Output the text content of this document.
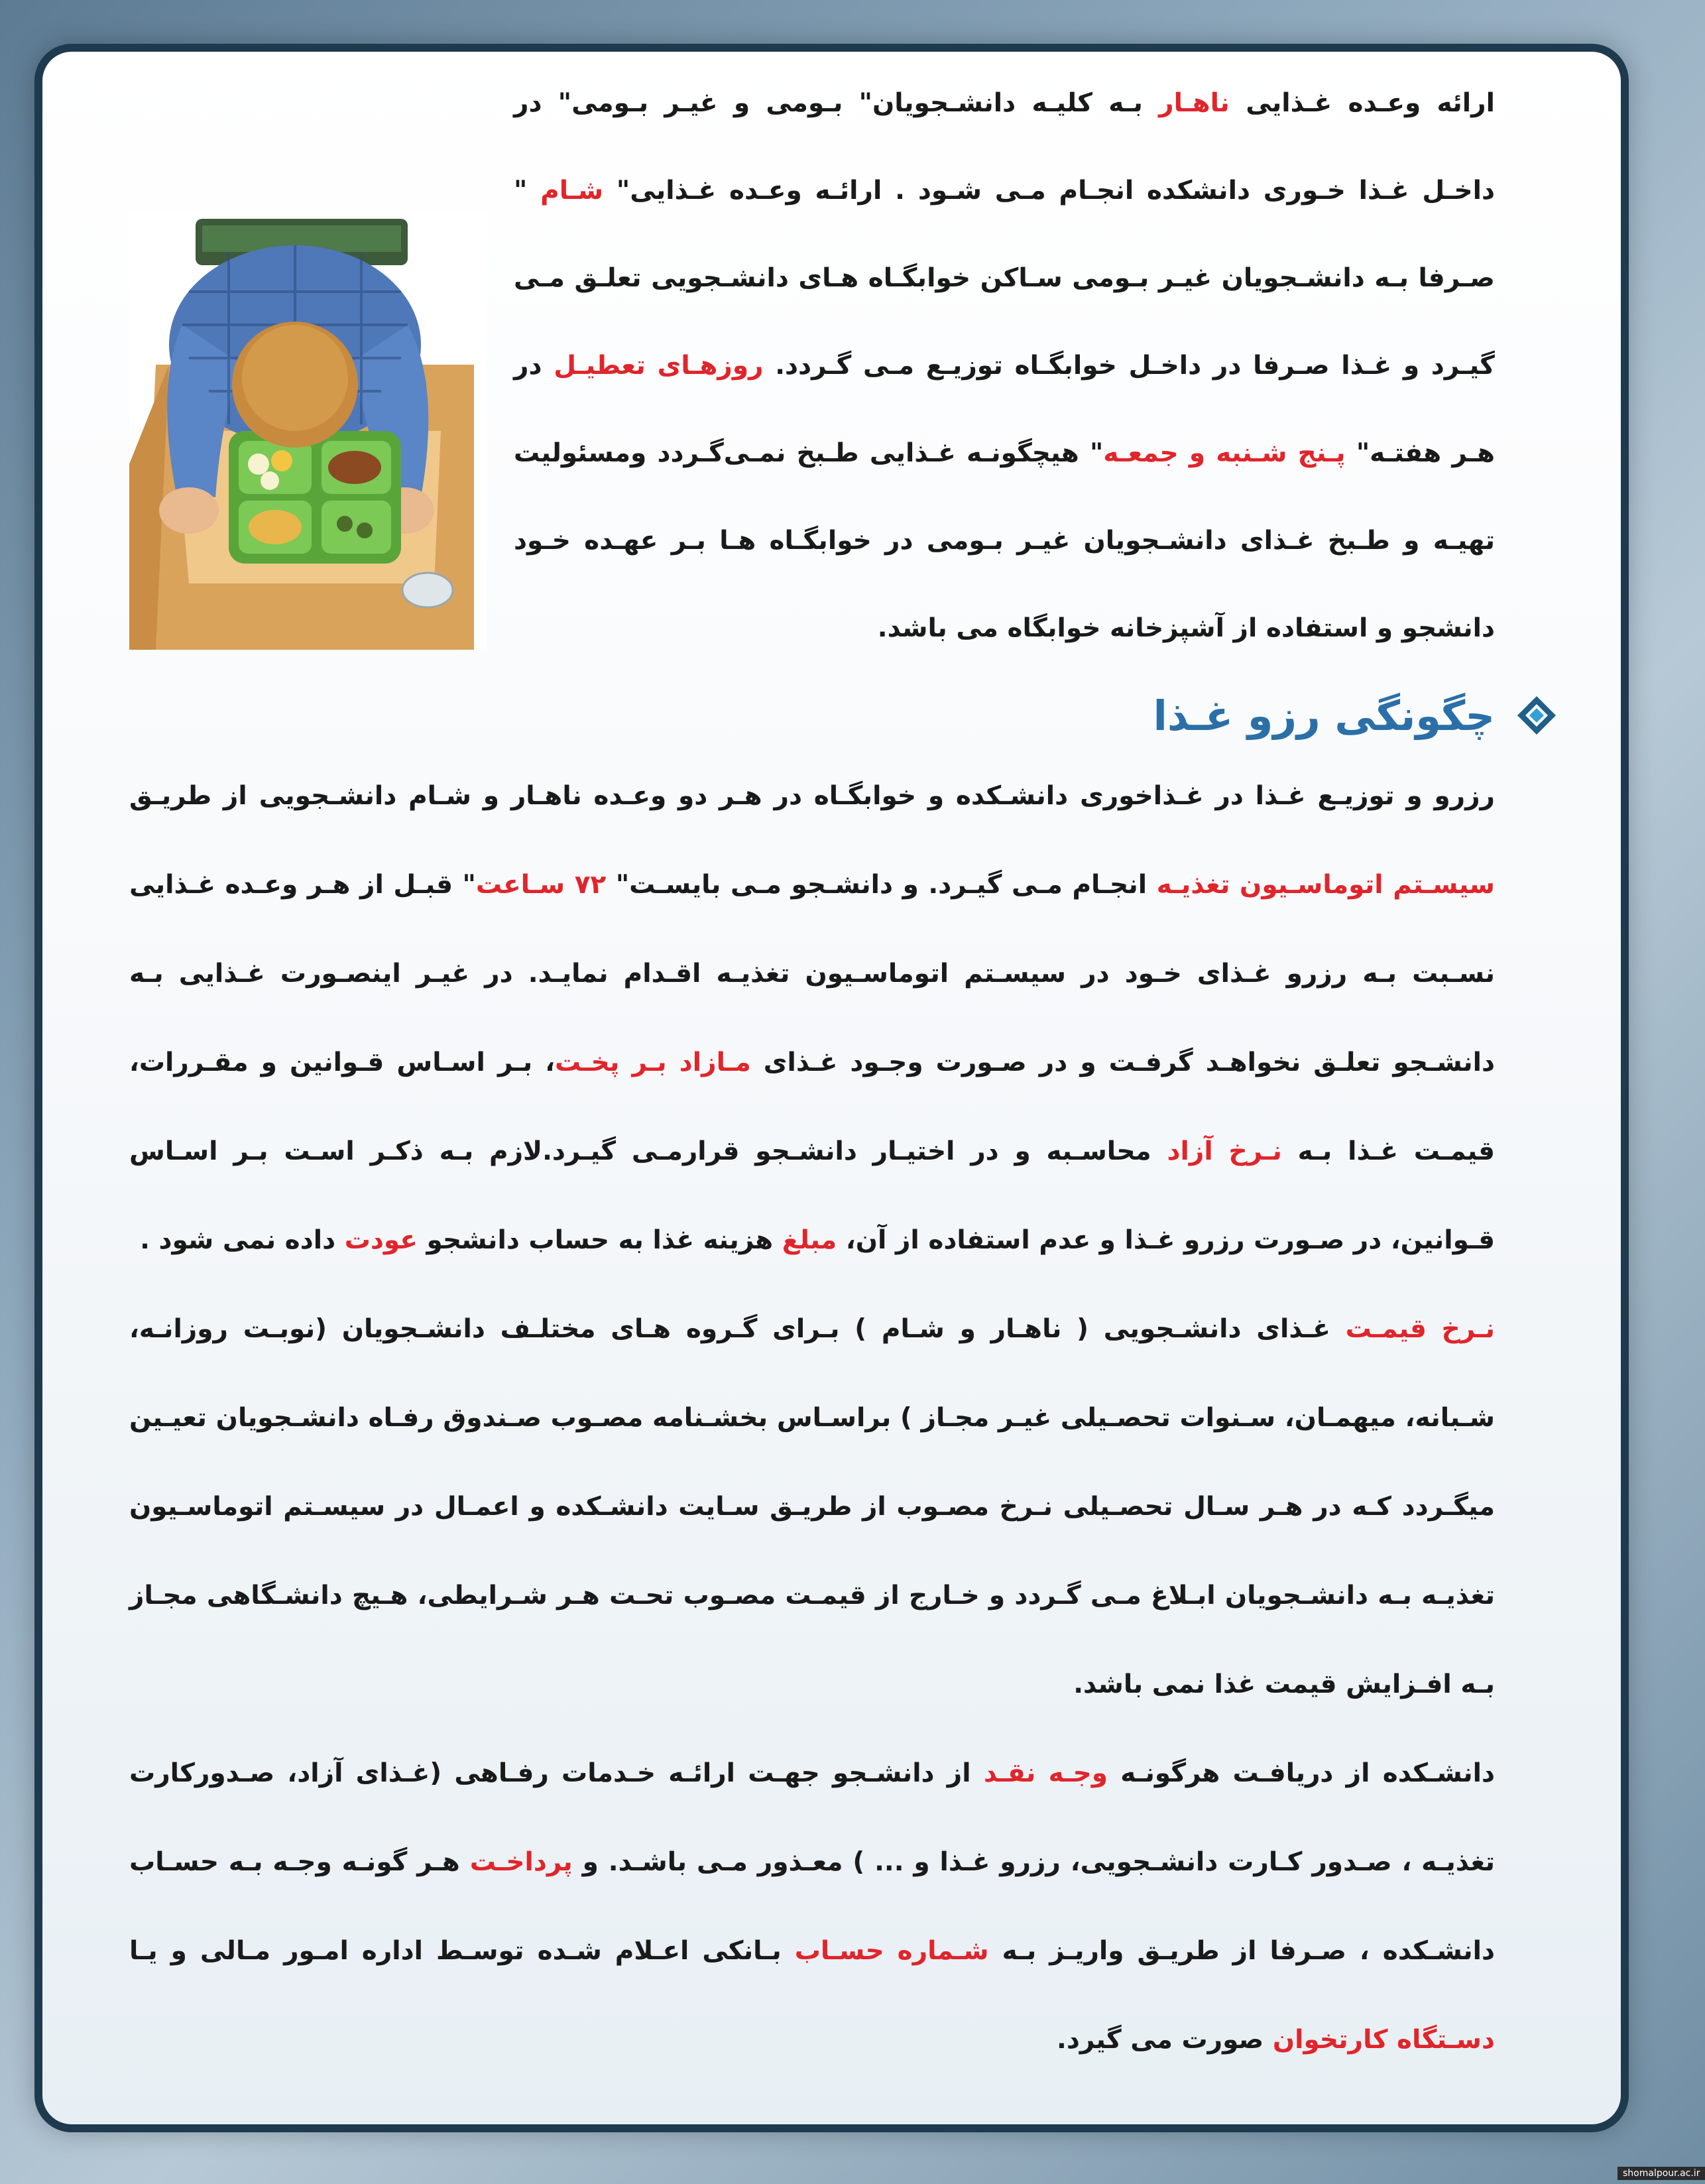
ارائه وعـده غـذایی ناهـار بـه کلیـه دانشـجویان" بـومی و غیـر بـومی" در داخـل غـذا خـوری دانشکده انجـام مـی شـود . ارائـه وعـده غـذایی" شـام " صـرفا بـه دانشـجویان غیـر بـومی سـاکن خوابگـاه هـای دانشـجویی تعلـق مـی گیـرد و غـذا صـرفا در داخـل خوابگـاه توزیـع مـی گـردد. روزهـای تعطیـل در هـر هفتـه" پـنج شـنبه و جمعـه" هیچگونـه غـذایی طـبخ نمـی‌گـردد ومسئولیت تهیـه و طـبخ غـذای دانشـجویان غیـر بـومی در خوابگـاه هـا بـر عهـده خـود دانشجو و استفاده از آشپزخانه خوابگاه می باشد.

چگونگی رزو غـذا

رزرو و توزیـع غـذا در غـذاخوری دانشـکده و خوابگـاه در هـر دو وعـده ناهـار و شـام دانشـجویی از طریـق سیسـتم اتوماسـیون تغذیـه انجـام مـی گیـرد. و دانشـجو مـی بایسـت" ۷۲ سـاعت" قبـل از هـر وعـده غـذایی نسـبت بـه رزرو غـذای خـود در سیسـتم اتوماسـیون تغذیـه اقـدام نمایـد. در غیـر اینصـورت غـذایی بـه دانشـجو تعلـق نخواهـد گرفـت و در صـورت وجـود غـذای مـازاد بـر پخـت، بـر اسـاس قـوانین و مقـررات، قیمـت غـذا بـه نـرخ آزاد محاسـبه و در اختیـار دانشـجو قرارمـی گیـرد.لازم بـه ذکـر اسـت بـر اسـاس قـوانین، در صـورت رزرو غـذا و عدم استفاده از آن، مبلغ هزینه غذا به حساب دانشجو عودت داده نمی شود .

نـرخ قیمـت غـذای دانشـجویی ( ناهـار و شـام ) بـرای گـروه هـای مختلـف دانشـجویان (نوبـت روزانـه، شـبانه، میهمـان، سـنوات تحصـیلی غیـر مجـاز ) براسـاس بخشـنامه مصـوب صـندوق رفـاه دانشـجویان تعیـین میگـردد کـه در هـر سـال تحصـیلی نـرخ مصـوب از طریـق سـایت دانشـکده و اعمـال در سیسـتم اتوماسـیون تغذیـه بـه دانشـجویان ابـلاغ مـی گـردد و خـارج از قیمـت مصـوب تحـت هـر شـرایطی، هـیچ دانشـگاهی مجـاز بـه افـزایش قیمت غذا نمی باشد.

دانشـکده از دریافـت هرگونـه وجـه نقـد از دانشـجو جهـت ارائـه خـدمات رفـاهی (غـذای آزاد، صـدورکارت تغذیـه ، صـدور کـارت دانشـجویی، رزرو غـذا و ... ) معـذور مـی باشـد. و پرداخـت هـر گونـه وجـه بـه حسـاب دانشـکده ، صـرفا از طریـق واریـز بـه شـماره حسـاب بـانکی اعـلام شـده توسـط اداره امـور مـالی و یـا دسـتگاه کارتخوان صورت می گیرد.

shomalpour.ac.ir
